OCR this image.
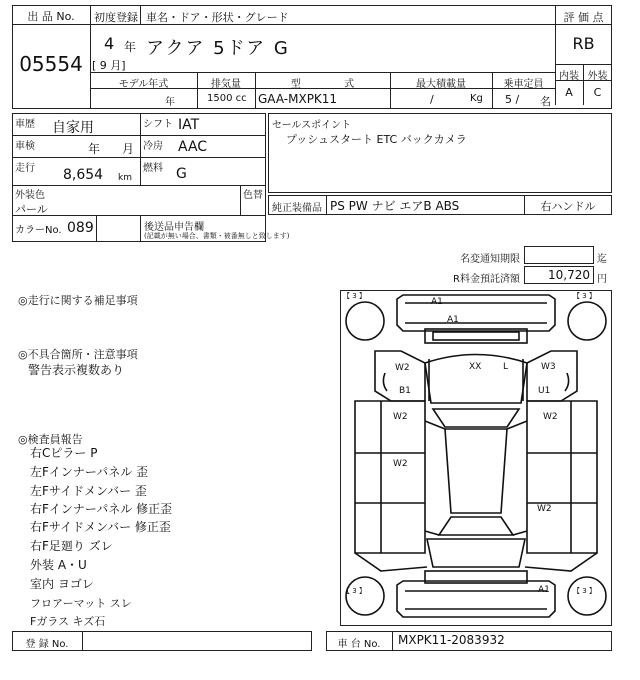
出 品 No.
05554
初度登録 車名・ドア・形状・グレード
4 年
[ 9 月]
アクア 5ドア G
評 価 点
RB
内装 外装
A	C
モデル年式	排気量	型 式	最大積載量	乗車定員
年	1500 cc GAA-MXPK11	/	Kg 5 / 名
車歴 自家用	シフト IAT
車検	年 月 冷房 AAC
走行 8,654 km
燃料 G
外装色
パール
色替
カラーNo. 089	後送品申告欄
(記載が無い場合、書類・被番無しと致します)
セールスポイント
プッシュスタート ETC バックカメラ
純正装備品 PS PW ナビ エアB ABS	右ハンドル
名変通知期限	迄
R料金預託済額	10,720 円
◎走行に関する補足事項
◎不具合箇所・注意事項
警告表示複数あり
◎検査員報告
右Cピラー P
左Fインナーパネル 歪
左Fサイドメンバー 歪
右Fインナーパネル 修正歪
右Fサイドメンバー 修正歪
右F足廻り ズレ
外装 A・U
室内 ヨゴレ
フロアーマット スレ
Fガラス キズ石
【 3 】	【 3 】
【 3 】	【 3 】
A1
A1
W2	XX L	W3
B1	U1
W2	W2
W2
W2
A1
登 録 No.	車 台 No.	MXPK11-2083932
